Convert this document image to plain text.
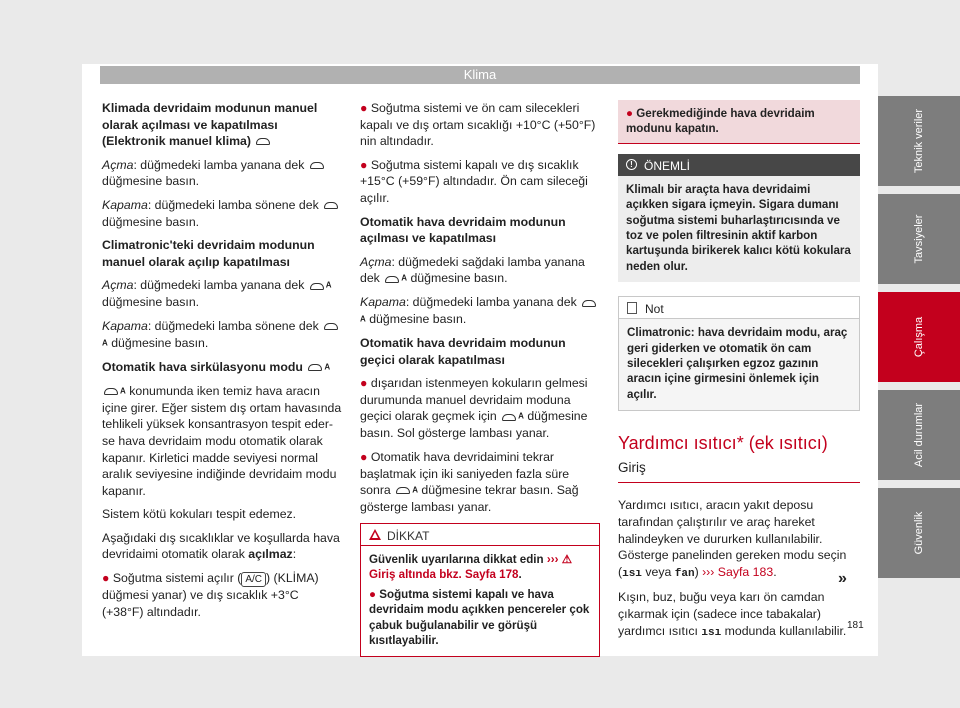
Klima

Klimada devridaim modunun manuel olarak açılması ve kapatılması (Elektronik manuel klima)

Açma: düğmedeki lamba yanana dek  düğmesine basın.

Kapama: düğmedeki lamba sönene dek  düğmesine basın.

Climatronic'teki devridaim modunun manuel olarak açılıp kapatılması

Açma: düğmedeki lamba yanana dek	A düğmesine basın.

Kapama: düğmedeki lamba sönene dek A düğmesine basın.

Otomatik hava sirkülasyonu modu	A

A konumunda iken temiz hava aracın içine girer. Eğer sistem dış ortam havasında tehlikeli yüksek konsantrasyon tespit eder-se hava devridaim modu otomatik olarak kapanır. Kirletici madde seviyesi normal aralık seviyesine indiğinde devridaim modu kapanır.

Sistem kötü kokuları tespit edemez.

Aşağıdaki dış sıcaklıklar ve koşullarda hava devridaimi otomatik olarak açılmaz:

● Soğutma sistemi açılır ( A/C ) (KLİMA) düğmesi yanar) ve dış sıcaklık +3°C (+38°F) altındadır.

● Soğutma sistemi ve ön cam silecekleri kapalı ve dış ortam sıcaklığı +10°C (+50°F) nin altındadır.

● Soğutma sistemi kapalı ve dış sıcaklık +15°C (+59°F) altındadır. Ön cam sileceği açılır.

Otomatik hava devridaim modunun açılması ve kapatılması

Açma: düğmedeki sağdaki lamba yanana dek	A düğmesine basın.

Kapama: düğmedeki lamba yanana dek A düğmesine basın.

Otomatik hava devridaim modunun geçici olarak kapatılması

● dışarıdan istenmeyen kokuların gelmesi durumunda manuel devridaim moduna geçici olarak geçmek için	A düğmesine basın. Sol gösterge lambası yanar.

● Otomatik hava devridaimini tekrar başlatmak için iki saniyeden fazla süre sonra	A düğmesine tekrar basın. Sağ gösterge lambası yanar.

DİKKAT

Güvenlik uyarılarına dikkat edin ››› ⚠ Giriş altında bkz. Sayfa 178.

● Soğutma sistemi kapalı ve hava devridaim modu açıkken pencereler çok çabuk buğulanabilir ve görüşü kısıtlayabilir.

● Gerekmediğinde hava devridaim modunu kapatın.
! ÖNEMLİ
Klimalı bir araçta hava devridaimi açıkken sigara içmeyin. Sigara dumanı soğutma sistemi buharlaştırıcısında ve toz ve polen filtresinin aktif karbon kartuşunda birikerek kalıcı kötü kokulara neden olur.
Not
Climatronic: hava devridaim modu, araç geri giderken ve otomatik ön cam silecekleri çalışırken egzoz gazının aracın içine girmesini önlemek için açılır.
Yardımcı ısıtıcı* (ek ısıtıcı)
Giriş

Yardımcı ısıtıcı, aracın yakıt deposu tarafından çalıştırılır ve araç hareket halindeyken ve dururken kullanılabilir. Gösterge panelinden gereken modu seçin (ısı veya fan) ››› Sayfa 183.

Kışın, buz, buğu veya karı ön camdan çıkarmak için (sadece ince tabakalar) yardımcı ısıtıcı ısı modunda kullanılabilir.

»
Teknik veriler
Tavsiyeler
Çalışma
Acil durumlar
Güvenlik
181
